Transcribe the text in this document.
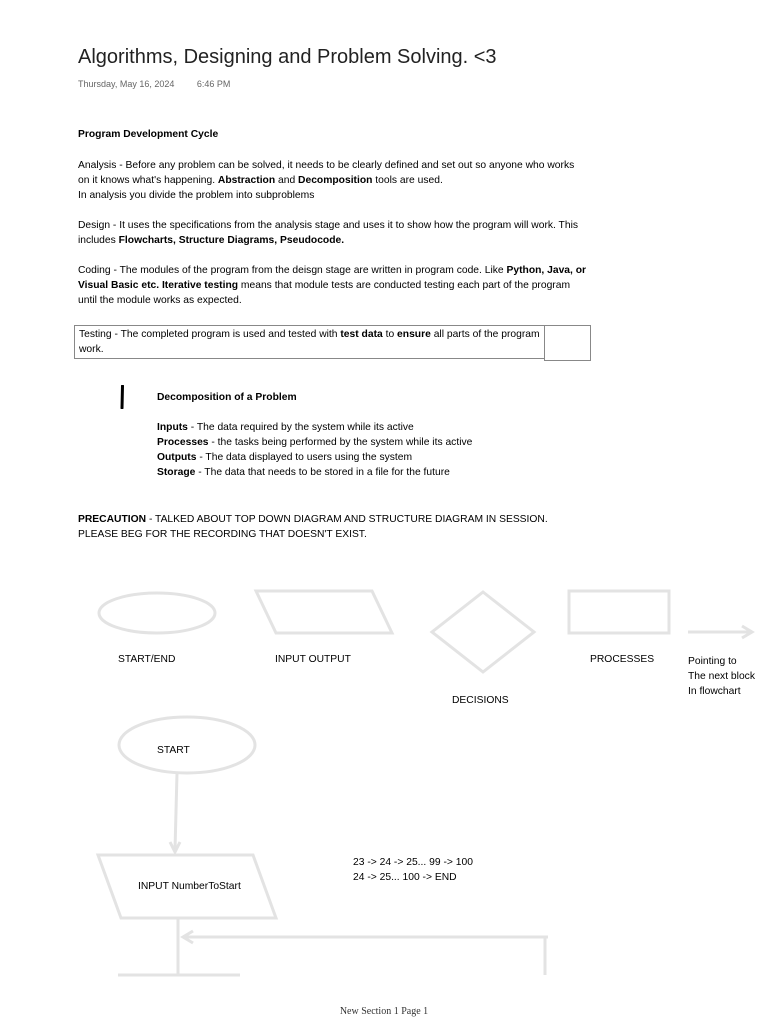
Algorithms, Designing and Problem Solving. <3
Thursday, May 16, 2024	6:46 PM
Program Development Cycle
Analysis - Before any problem can be solved, it needs to be clearly defined and set out so anyone who works on it knows what's happening. Abstraction and Decomposition tools are used.
In analysis you divide the problem into subproblems
Design - It uses the specifications from the analysis stage and uses it to show how the program will work. This includes Flowcharts, Structure Diagrams, Pseudocode.
Coding - The modules of the program from the deisgn stage are written in program code. Like Python, Java, or Visual Basic etc. Iterative testing means that module tests are conducted testing each part of the program until the module works as expected.
Testing - The completed program is used and tested with test data to ensure all parts of the program work.
Decomposition of a Problem
Inputs - The data required by the system while its active
Processes - the tasks being performed by the system while its active
Outputs - The data displayed to users using the system
Storage - The data that needs to be stored in a file for the future
PRECAUTION - TALKED ABOUT TOP DOWN DIAGRAM AND STRUCTURE DIAGRAM IN SESSION. PLEASE BEG FOR THE RECORDING THAT DOESN'T EXIST.
START/END	INPUT OUTPUT
DECISIONS
PROCESSES	Pointing to
The next block
In flowchart
START
INPUT NumberToStart
23 -> 24 -> 25... 99 -> 100
24 -> 25... 100 -> END
New Section 1 Page 1
